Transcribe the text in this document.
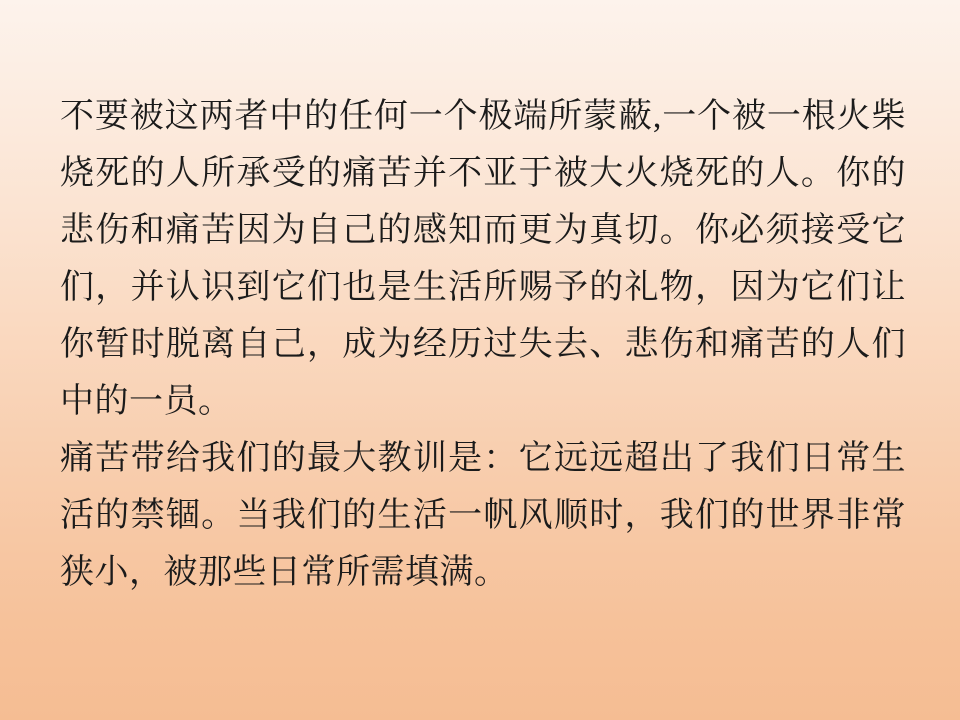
不要被这两者中的任何一个极端所蒙蔽,一个被一根火柴烧死的人所承受的痛苦并不亚于被大火烧死的人。你的悲伤和痛苦因为自己的感知而更为真切。你必须接受它们，并认识到它们也是生活所赐予的礼物，因为它们让你暂时脱离自己，成为经历过失去、悲伤和痛苦的人们中的一员。

痛苦带给我们的最大教训是：它远远超出了我们日常生活的禁锢。当我们的生活一帆风顺时，我们的世界非常狭小，被那些日常所需填满。
